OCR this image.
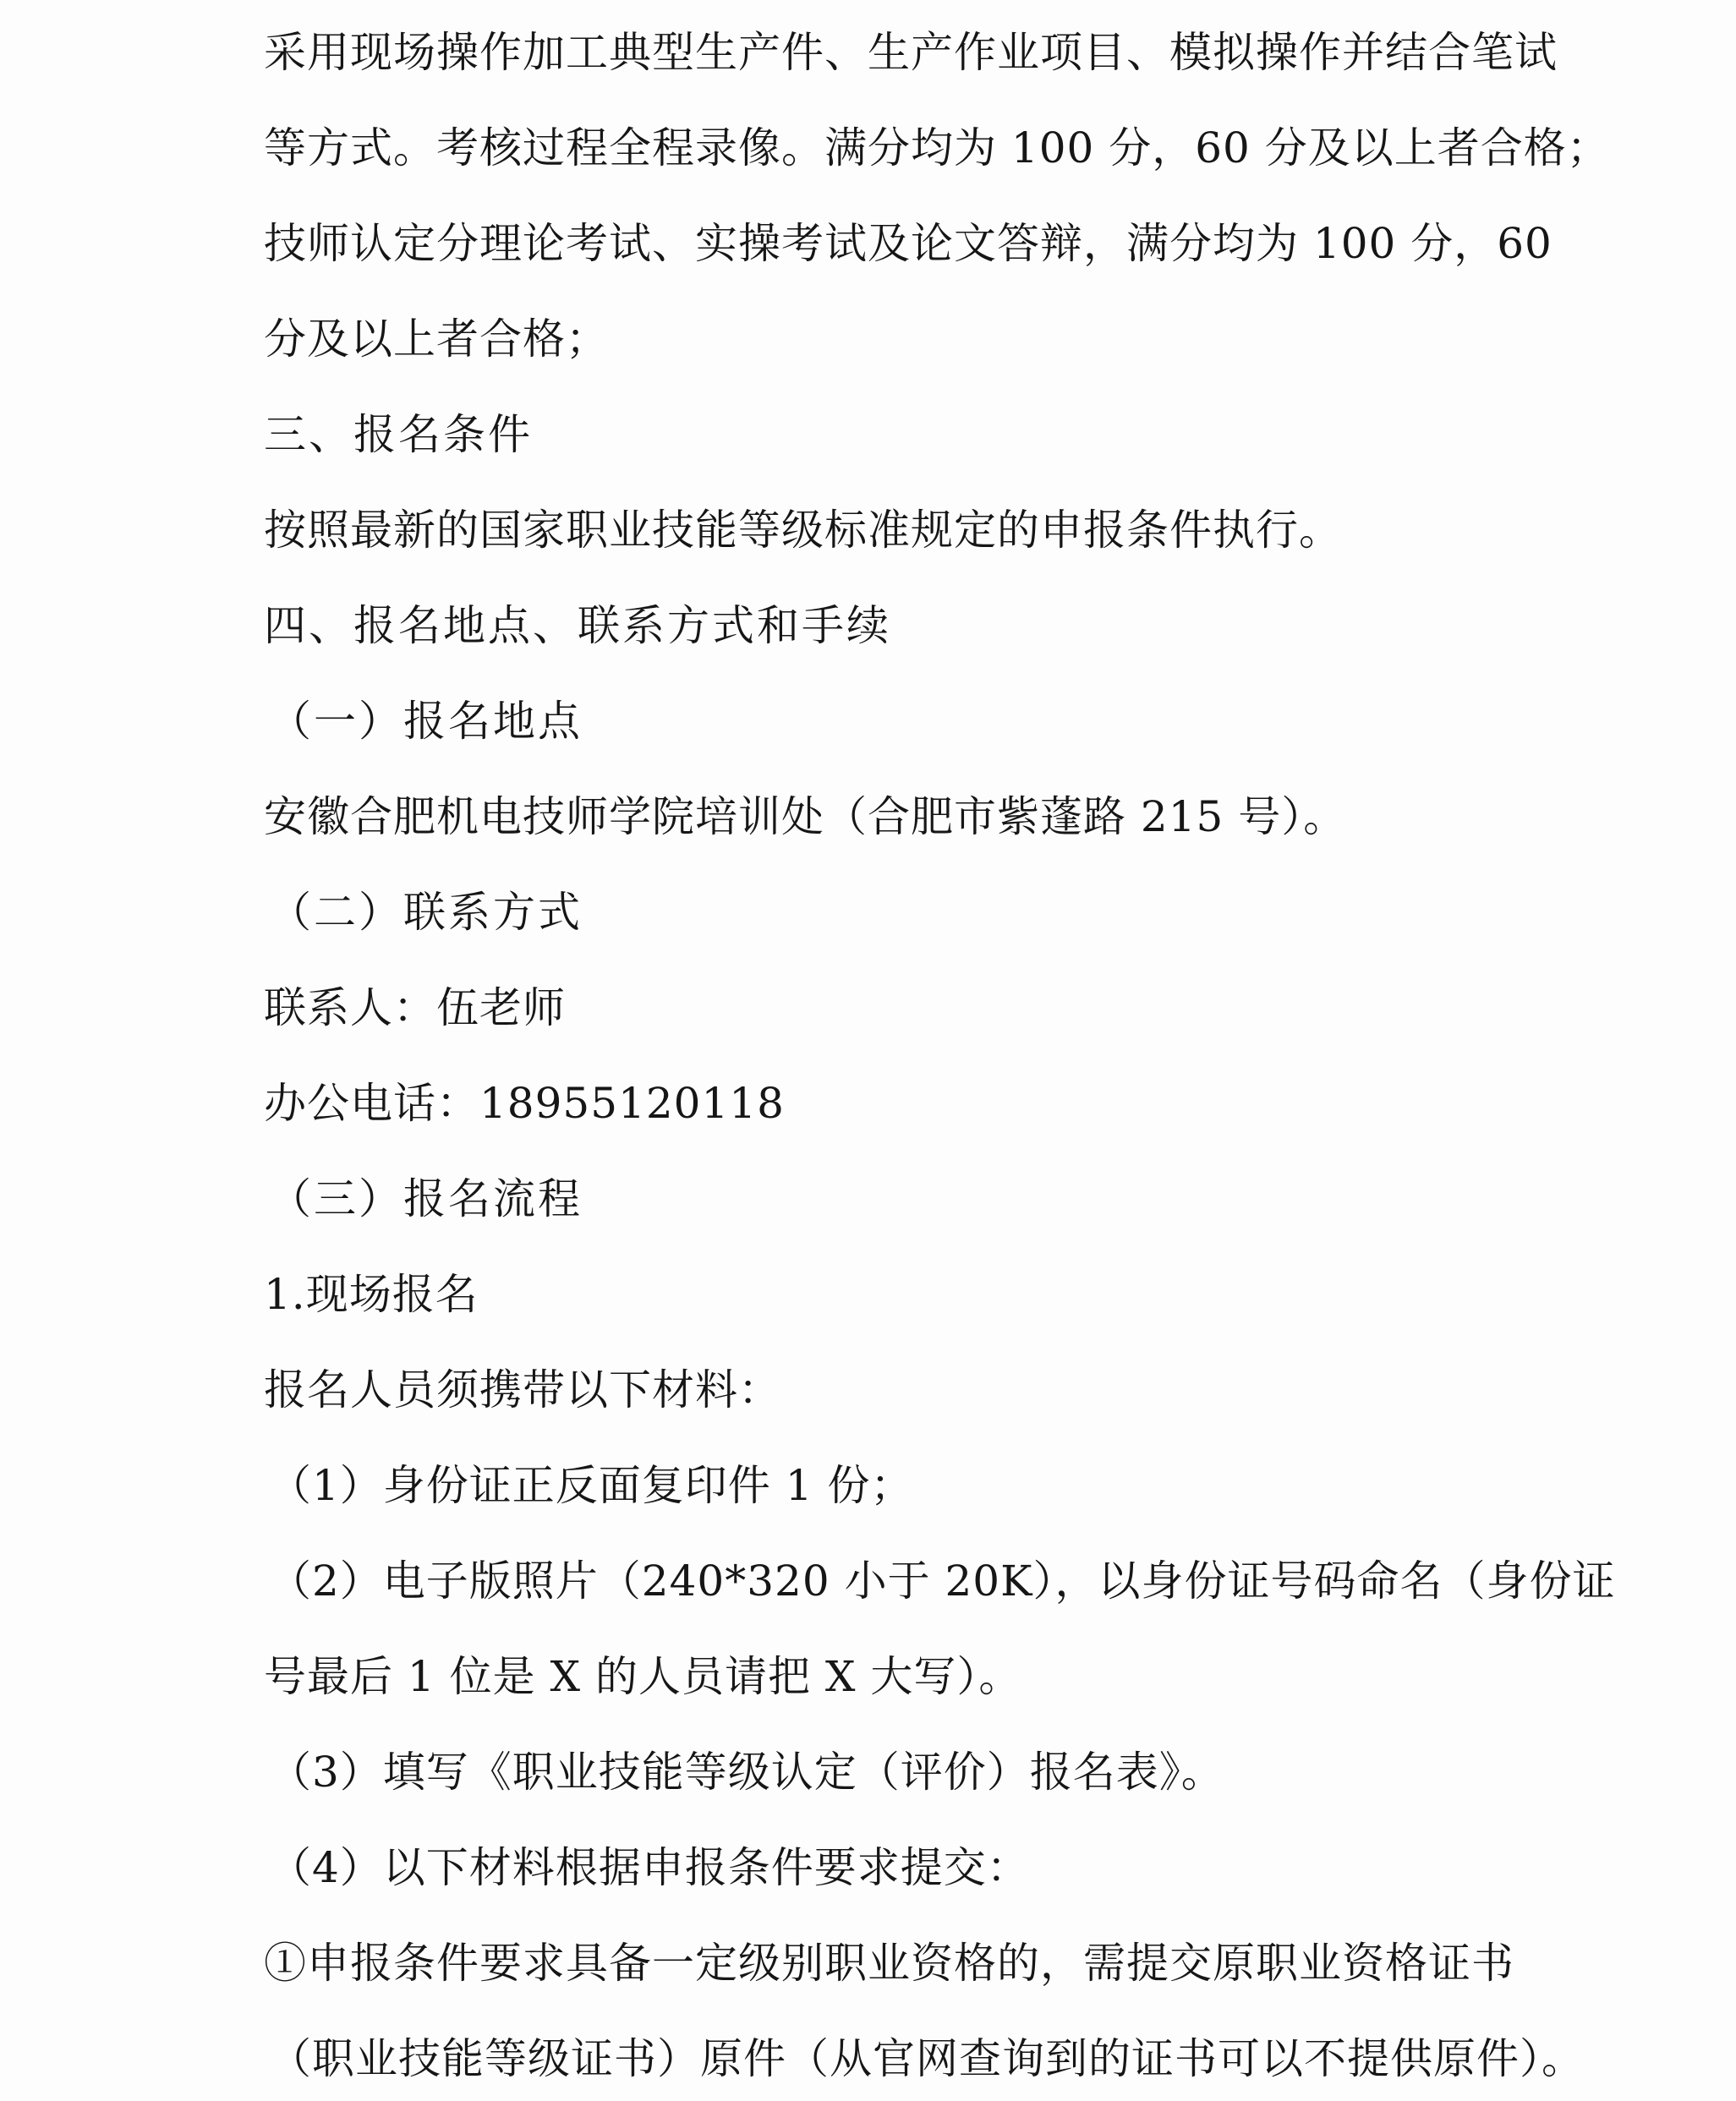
采用现场操作加工典型生产件、生产作业项目、模拟操作并结合笔试
等方式。考核过程全程录像。满分均为 100 分，60 分及以上者合格；
技师认定分理论考试、实操考试及论文答辩，满分均为 100 分，60
分及以上者合格；
三、报名条件
按照最新的国家职业技能等级标准规定的申报条件执行。
四、报名地点、联系方式和手续
（一）报名地点
安徽合肥机电技师学院培训处（合肥市紫蓬路 215 号）。
（二）联系方式
联系人：伍老师
办公电话：18955120118
（三）报名流程
1.现场报名
报名人员须携带以下材料：
（1）身份证正反面复印件 1 份；
（2）电子版照片（240*320 小于 20K），以身份证号码命名（身份证
号最后 1 位是 X 的人员请把 X 大写）。
（3）填写《职业技能等级认定（评价）报名表》。
（4）以下材料根据申报条件要求提交：
①申报条件要求具备一定级别职业资格的，需提交原职业资格证书
（职业技能等级证书）原件（从官网查询到的证书可以不提供原件）。
